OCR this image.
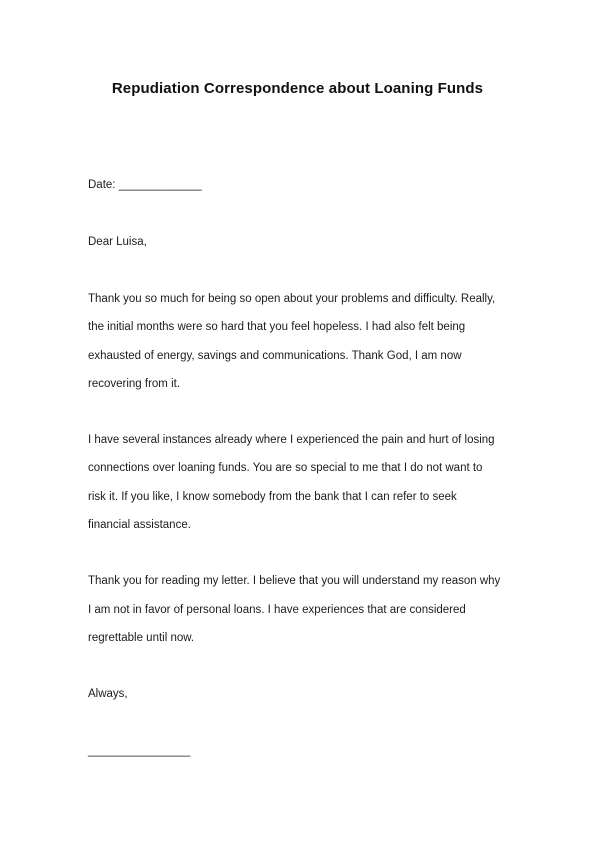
Repudiation Correspondence about Loaning Funds
Date: _____________
Dear Luisa,
Thank you so much for being so open about your problems and difficulty. Really,
the initial months were so hard that you feel hopeless. I had also felt being
exhausted of energy, savings and communications. Thank God, I am now
recovering from it.
I have several instances already where I experienced the pain and hurt of losing
connections over loaning funds. You are so special to me that I do not want to
risk it. If you like, I know somebody from the bank that I can refer to seek
financial assistance.
Thank you for reading my letter. I believe that you will understand my reason why
I am not in favor of personal loans. I have experiences that are considered
regrettable until now.
Always,
________________
